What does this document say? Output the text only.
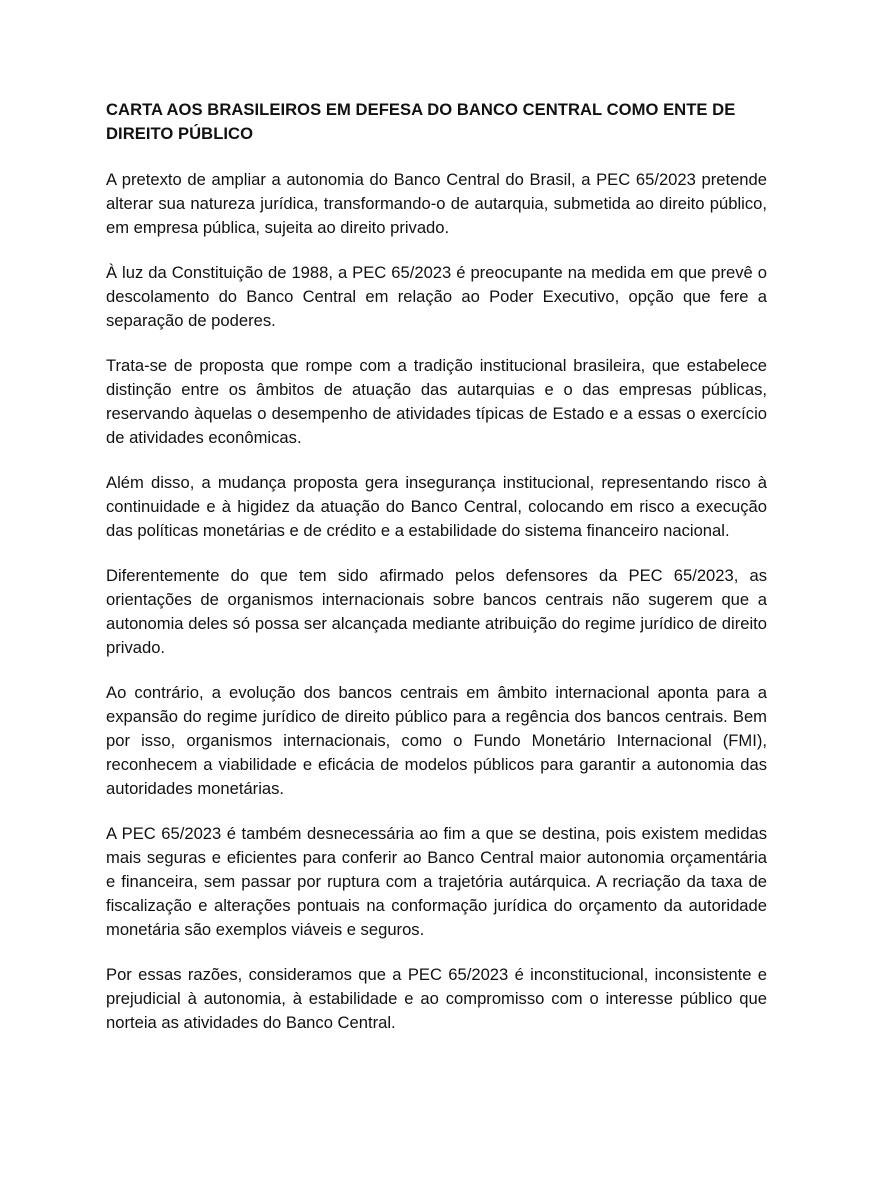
CARTA AOS BRASILEIROS EM DEFESA DO BANCO CENTRAL COMO ENTE DE DIREITO PÚBLICO

A pretexto de ampliar a autonomia do Banco Central do Brasil, a PEC 65/2023 pretende alterar sua natureza jurídica, transformando-o de autarquia, submetida ao direito público, em empresa pública, sujeita ao direito privado.

À luz da Constituição de 1988, a PEC 65/2023 é preocupante na medida em que prevê o descolamento do Banco Central em relação ao Poder Executivo, opção que fere a separação de poderes.

Trata-se de proposta que rompe com a tradição institucional brasileira, que estabelece distinção entre os âmbitos de atuação das autarquias e o das empresas públicas, reservando àquelas o desempenho de atividades típicas de Estado e a essas o exercício de atividades econômicas.

Além disso, a mudança proposta gera insegurança institucional, representando risco à continuidade e à higidez da atuação do Banco Central, colocando em risco a execução das políticas monetárias e de crédito e a estabilidade do sistema financeiro nacional.

Diferentemente do que tem sido afirmado pelos defensores da PEC 65/2023, as orientações de organismos internacionais sobre bancos centrais não sugerem que a autonomia deles só possa ser alcançada mediante atribuição do regime jurídico de direito privado.

Ao contrário, a evolução dos bancos centrais em âmbito internacional aponta para a expansão do regime jurídico de direito público para a regência dos bancos centrais. Bem por isso, organismos internacionais, como o Fundo Monetário Internacional (FMI), reconhecem a viabilidade e eficácia de modelos públicos para garantir a autonomia das autoridades monetárias.

A PEC 65/2023 é também desnecessária ao fim a que se destina, pois existem medidas mais seguras e eficientes para conferir ao Banco Central maior autonomia orçamentária e financeira, sem passar por ruptura com a trajetória autárquica. A recriação da taxa de fiscalização e alterações pontuais na conformação jurídica do orçamento da autoridade monetária são exemplos viáveis e seguros.

Por essas razões, consideramos que a PEC 65/2023 é inconstitucional, inconsistente e prejudicial à autonomia, à estabilidade e ao compromisso com o interesse público que norteia as atividades do Banco Central.
